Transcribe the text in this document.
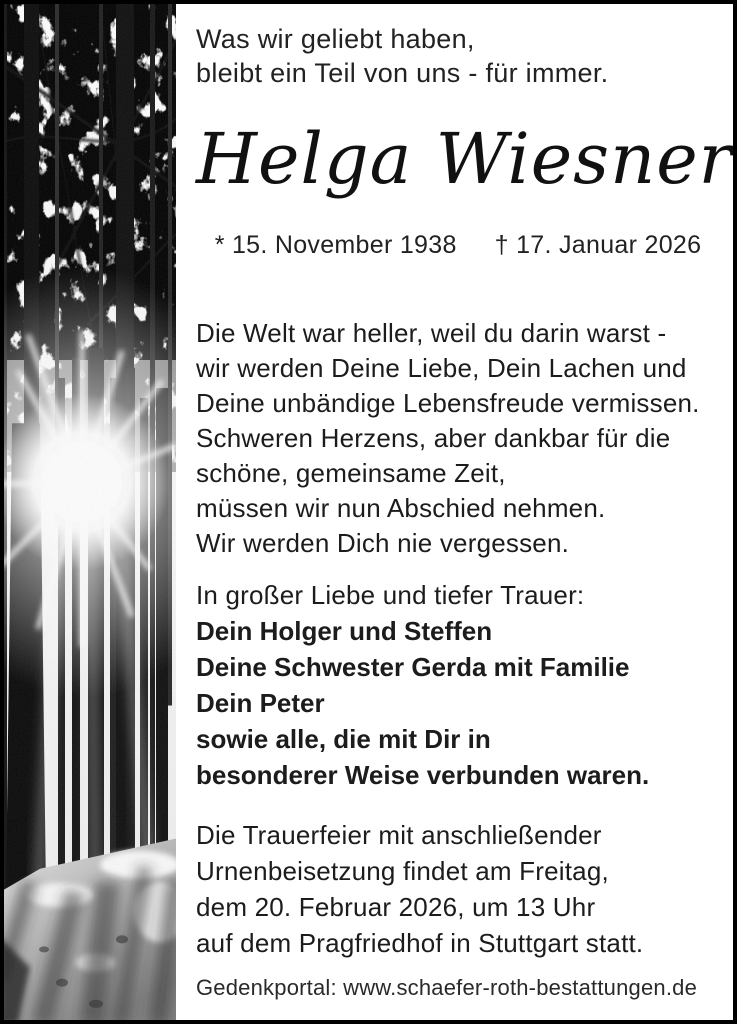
Was wir geliebt haben,
bleibt ein Teil von uns - für immer.
Helga Wiesner
* 15. November 1938 † 17. Januar 2026
Die Welt war heller, weil du darin warst -
wir werden Deine Liebe, Dein Lachen und
Deine unbändige Lebensfreude vermissen.
Schweren Herzens, aber dankbar für die
schöne, gemeinsame Zeit,
müssen wir nun Abschied nehmen.
Wir werden Dich nie vergessen.
In großer Liebe und tiefer Trauer:
Dein Holger und Steffen
Deine Schwester Gerda mit Familie
Dein Peter
sowie alle, die mit Dir in
besonderer Weise verbunden waren.
Die Trauerfeier mit anschließender
Urnenbeisetzung findet am Freitag,
dem 20. Februar 2026, um 13 Uhr
auf dem Pragfriedhof in Stuttgart statt.
Gedenkportal: www.schaefer-roth-bestattungen.de
